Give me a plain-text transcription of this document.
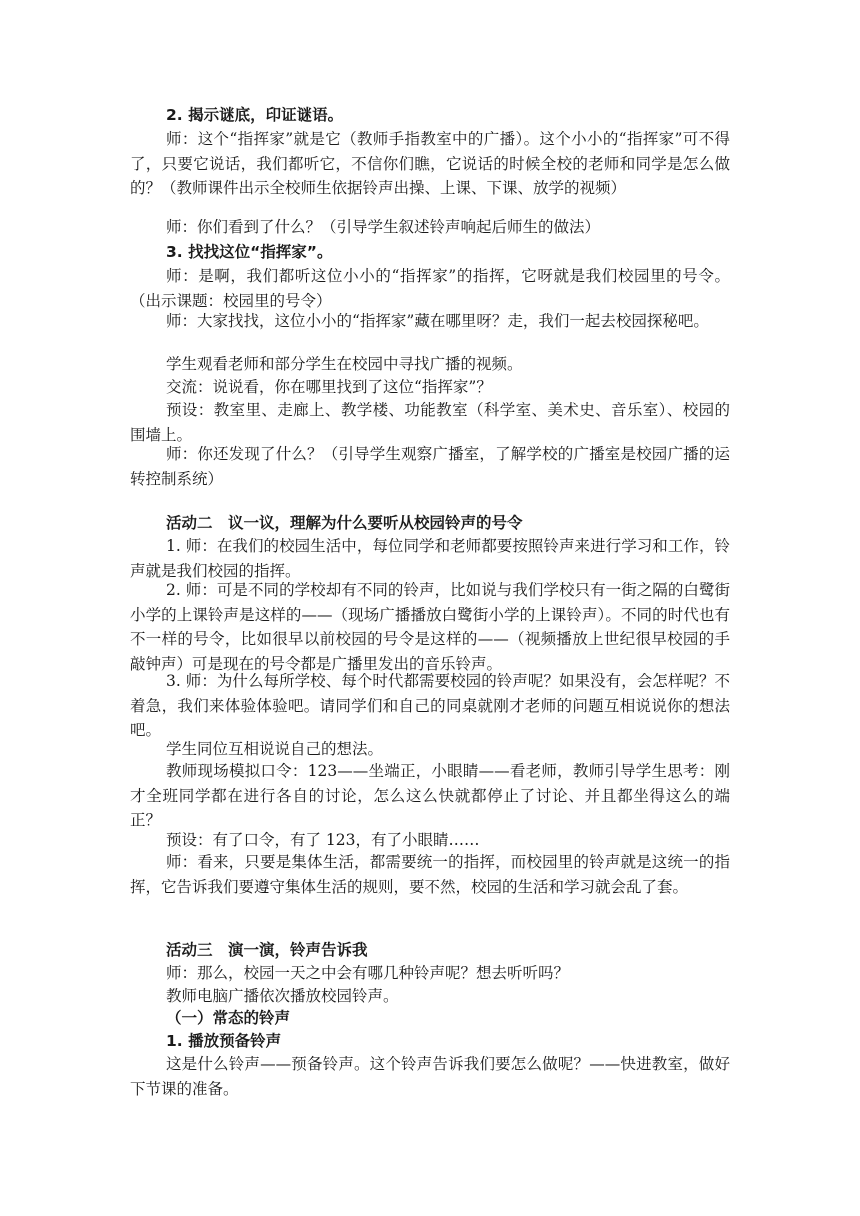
2. 揭示谜底，印证谜语。

师：这个“指挥家”就是它（教师手指教室中的广播）。这个小小的“指挥家”可不得了，只要它说话，我们都听它，不信你们瞧，它说话的时候全校的老师和同学是怎么做的？（教师课件出示全校师生依据铃声出操、上课、下课、放学的视频）

师：你们看到了什么？（引导学生叙述铃声响起后师生的做法）

3. 找找这位“指挥家”。

师：是啊，我们都听这位小小的“指挥家”的指挥，它呀就是我们校园里的号令。（出示课题：校园里的号令）

师：大家找找，这位小小的“指挥家”藏在哪里呀？走，我们一起去校园探秘吧。

学生观看老师和部分学生在校园中寻找广播的视频。

交流：说说看，你在哪里找到了这位“指挥家”？

预设：教室里、走廊上、教学楼、功能教室（科学室、美术史、音乐室）、校园的围墙上。

师：你还发现了什么？（引导学生观察广播室，了解学校的广播室是校园广播的运转控制系统）

活动二　议一议，理解为什么要听从校园铃声的号令

1. 师：在我们的校园生活中，每位同学和老师都要按照铃声来进行学习和工作，铃声就是我们校园的指挥。

2. 师：可是不同的学校却有不同的铃声，比如说与我们学校只有一街之隔的白鹭街小学的上课铃声是这样的——（现场广播播放白鹭街小学的上课铃声）。不同的时代也有不一样的号令，比如很早以前校园的号令是这样的——（视频播放上世纪很早校园的手敲钟声）可是现在的号令都是广播里发出的音乐铃声。

3. 师：为什么每所学校、每个时代都需要校园的铃声呢？如果没有，会怎样呢？不着急，我们来体验体验吧。请同学们和自己的同桌就刚才老师的问题互相说说你的想法吧。

学生同位互相说说自己的想法。

教师现场模拟口令：123——坐端正，小眼睛——看老师，教师引导学生思考：刚才全班同学都在进行各自的讨论，怎么这么快就都停止了讨论、并且都坐得这么的端正？

预设：有了口令，有了 123，有了小眼睛……

师：看来，只要是集体生活，都需要统一的指挥，而校园里的铃声就是这统一的指挥，它告诉我们要遵守集体生活的规则，要不然，校园的生活和学习就会乱了套。

活动三　演一演，铃声告诉我

师：那么，校园一天之中会有哪几种铃声呢？想去听听吗？

教师电脑广播依次播放校园铃声。

（一）常态的铃声

1. 播放预备铃声

这是什么铃声——预备铃声。这个铃声告诉我们要怎么做呢？——快进教室，做好下节课的准备。
